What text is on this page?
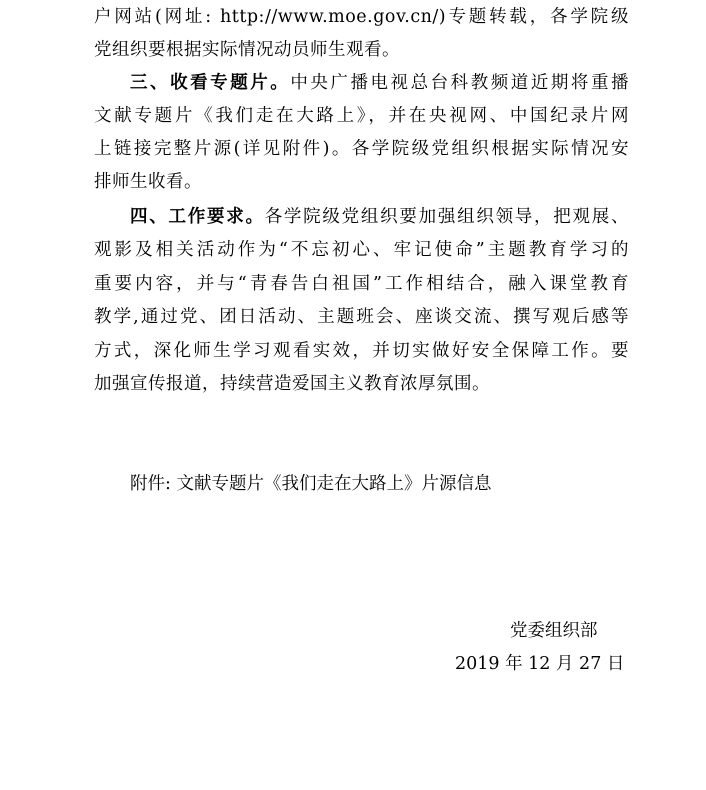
户网站(网址: http://www.moe.gov.cn/)专题转载，各学院级
党组织要根据实际情况动员师生观看。
三、收看专题片。中央广播电视总台科教频道近期将重播
文献专题片《我们走在大路上》，并在央视网、中国纪录片网
上链接完整片源(详见附件)。各学院级党组织根据实际情况安
排师生收看。
四、工作要求。各学院级党组织要加强组织领导，把观展、
观影及相关活动作为“不忘初心、牢记使命”主题教育学习的
重要内容，并与“青春告白祖国”工作相结合，融入课堂教育
教学,通过党、团日活动、主题班会、座谈交流、撰写观后感等
方式，深化师生学习观看实效，并切实做好安全保障工作。要
加强宣传报道，持续营造爱国主义教育浓厚氛围。
附件: 文献专题片《我们走在大路上》片源信息
党委组织部
2019 年 12 月 27 日
